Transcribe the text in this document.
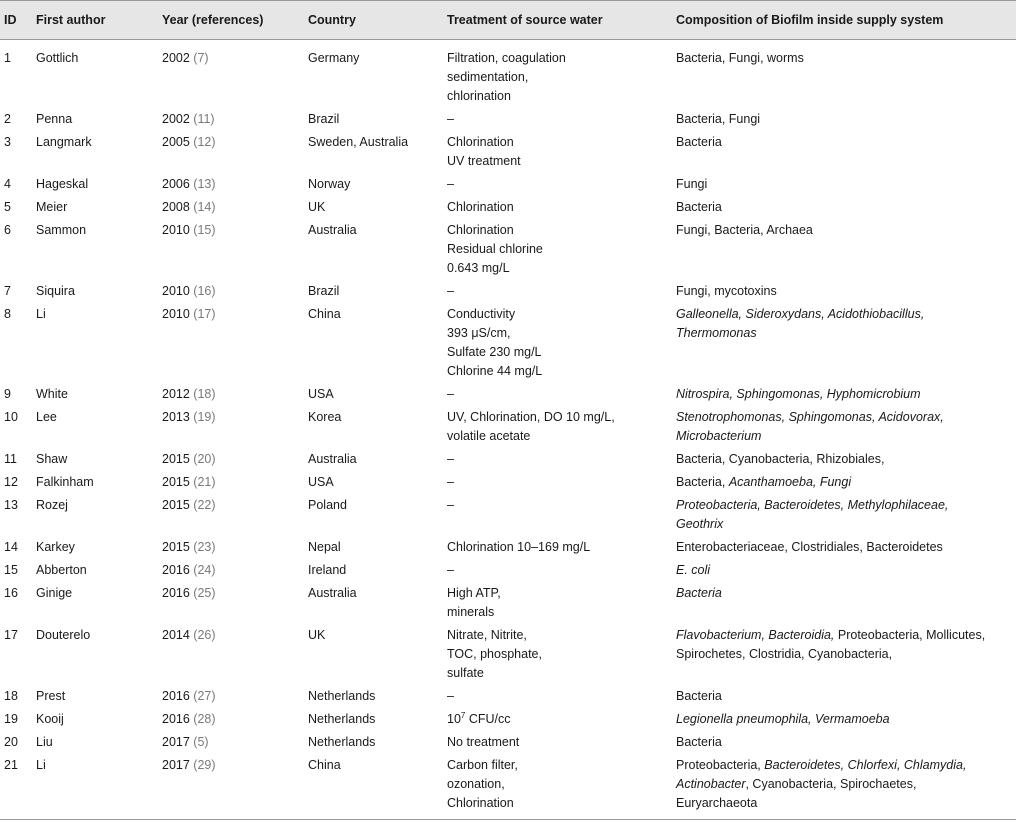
ID	First author	Year (references)	Country	Treatment of source water	Composition of Biofilm inside supply system
1	Gottlich	2002 (7)	Germany	Filtration, coagulation
sedimentation,
chlorination	Bacteria, Fungi, worms

2	Penna	2002 (11)	Brazil	–	Bacteria, Fungi

3	Langmark	2005 (12)	Sweden, Australia	Chlorination
UV treatment	Bacteria

4	Hageskal	2006 (13)	Norway	–	Fungi

5	Meier	2008 (14)	UK	Chlorination	Bacteria

6	Sammon	2010 (15)	Australia	Chlorination
Residual chlorine
0.643 mg/L	Fungi, Bacteria, Archaea

7	Siquira	2010 (16)	Brazil	–	Fungi, mycotoxins

8	Li	2010 (17)	China	Conductivity
393 μS/cm,
Sulfate 230 mg/L
Chlorine 44 mg/L	Galleonella, Sideroxydans, Acidothiobacillus,
Thermomonas

9	White	2012 (18)	USA	–	Nitrospira, Sphingomonas, Hyphomicrobium

10	Lee	2013 (19)	Korea	UV, Chlorination, DO 10 mg/L,
volatile acetate	Stenotrophomonas, Sphingomonas, Acidovorax,
Microbacterium

11	Shaw	2015 (20)	Australia	–	Bacteria, Cyanobacteria, Rhizobiales,

12	Falkinham	2015 (21)	USA	–	Bacteria, Acanthamoeba, Fungi

13	Rozej	2015 (22)	Poland	–	Proteobacteria, Bacteroidetes, Methylophilaceae,
Geothrix

14	Karkey	2015 (23)	Nepal	Chlorination 10–169 mg/L	Enterobacteriaceae, Clostridiales, Bacteroidetes

15	Abberton	2016 (24)	Ireland	–	E. coli

16	Ginige	2016 (25)	Australia	High ATP,
minerals	Bacteria

17	Douterelo	2014 (26)	UK	Nitrate, Nitrite,
TOC, phosphate,
sulfate	Flavobacterium, Bacteroidia, Proteobacteria, Mollicutes,
Spirochetes, Clostridia, Cyanobacteria,

18	Prest	2016 (27)	Netherlands	–	Bacteria

19	Kooij	2016 (28)	Netherlands	$10^7$ CFU/cc	Legionella pneumophila, Vermamoeba

20	Liu	2017 (5)	Netherlands	No treatment	Bacteria

21	Li	2017 (29)	China	Carbon filter,
ozonation,
Chlorination	Proteobacteria, Bacteroidetes, Chlorfexi, Chlamydia,
Actinobacter, Cyanobacteria, Spirochaetes,
Euryarchaeota
